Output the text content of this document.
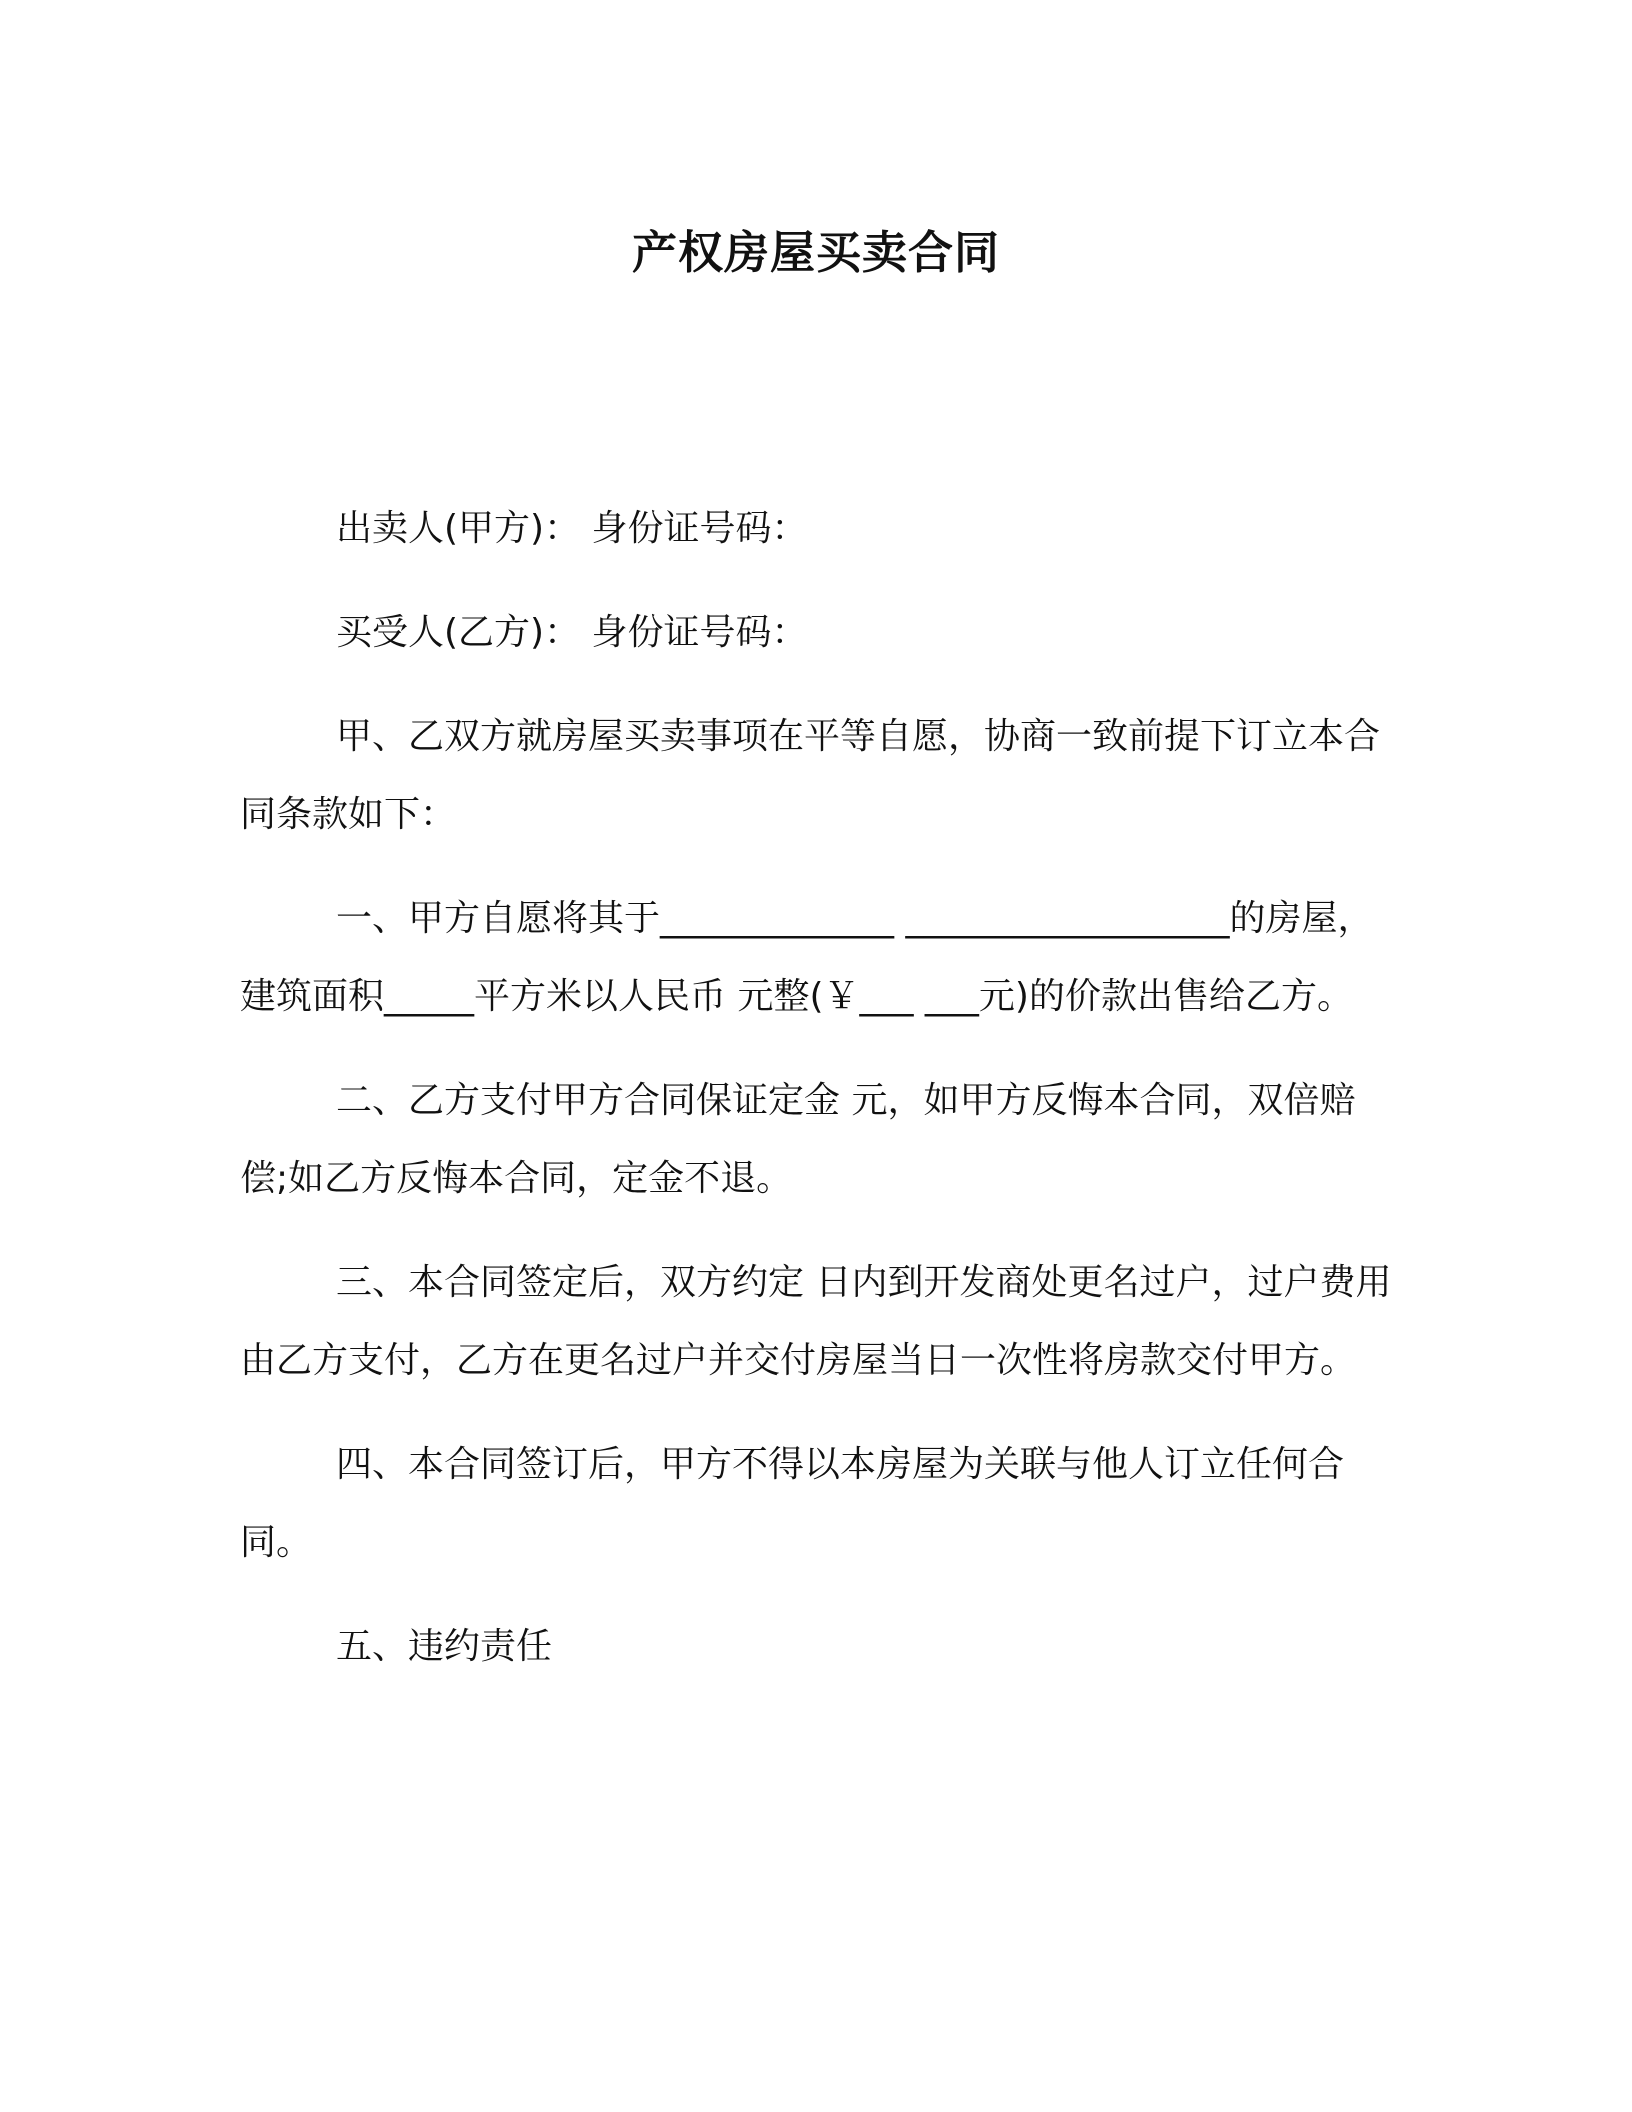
产权房屋买卖合同

出卖人(甲方)： 身份证号码：

买受人(乙方)： 身份证号码：

甲、乙双方就房屋买卖事项在平等自愿，协商一致前提下订立本合同条款如下：

一、甲方自愿将其于_____________ __________________的房屋，建筑面积_____平方米以人民币 元整(￥___ ___元)的价款出售给乙方。

二、乙方支付甲方合同保证定金 元，如甲方反悔本合同，双倍赔偿;如乙方反悔本合同，定金不退。

三、本合同签定后，双方约定 日内到开发商处更名过户，过户费用由乙方支付，乙方在更名过户并交付房屋当日一次性将房款交付甲方。

四、本合同签订后，甲方不得以本房屋为关联与他人订立任何合同。

五、违约责任
